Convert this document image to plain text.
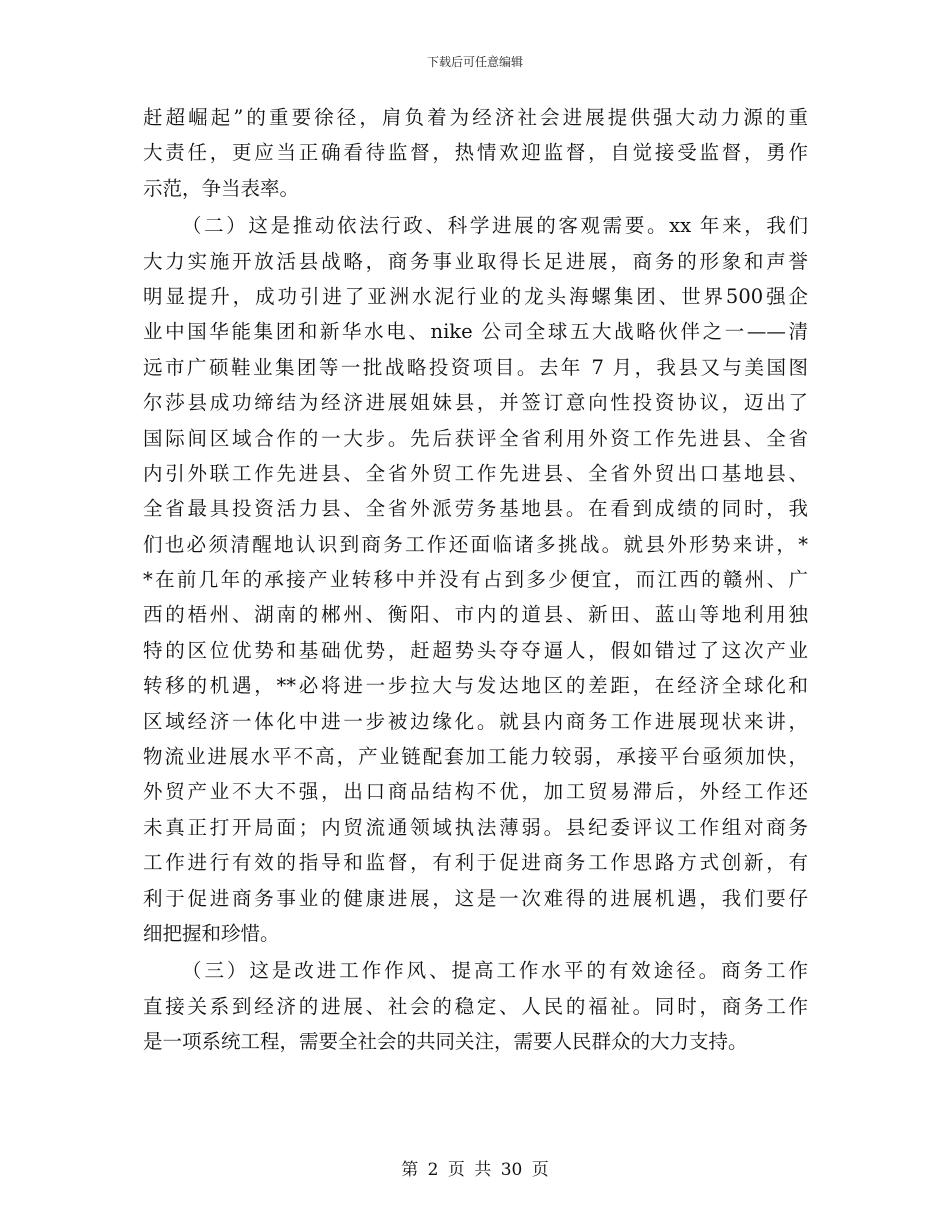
下载后可任意编辑
赶超崛起”的重要徐径，肩负着为经济社会进展提供强大动力源的重
大责任，更应当正确看待监督，热情欢迎监督，自觉接受监督，勇作
示范，争当表率。
（二）这是推动依法行政、科学进展的客观需要。xx 年来，我们
大力实施开放活县战略，商务事业取得长足进展，商务的形象和声誉
明显提升，成功引进了亚洲水泥行业的龙头海螺集团、世界500强企
业中国华能集团和新华水电、nike 公司全球五大战略伙伴之一——清
远市广硕鞋业集团等一批战略投资项目。去年 7 月，我县又与美国图
尔莎县成功缔结为经济进展姐妹县，并签订意向性投资协议，迈出了
国际间区域合作的一大步。先后获评全省利用外资工作先进县、全省
内引外联工作先进县、全省外贸工作先进县、全省外贸出口基地县、
全省最具投资活力县、全省外派劳务基地县。在看到成绩的同时，我
们也必须清醒地认识到商务工作还面临诸多挑战。就县外形势来讲，*
*在前几年的承接产业转移中并没有占到多少便宜，而江西的赣州、广
西的梧州、湖南的郴州、衡阳、市内的道县、新田、蓝山等地利用独
特的区位优势和基础优势，赶超势头夺夺逼人，假如错过了这次产业
转移的机遇，**必将进一步拉大与发达地区的差距，在经济全球化和
区域经济一体化中进一步被边缘化。就县内商务工作进展现状来讲，
物流业进展水平不高，产业链配套加工能力较弱，承接平台亟须加快，
外贸产业不大不强，出口商品结构不优，加工贸易滞后，外经工作还
未真正打开局面；内贸流通领域执法薄弱。县纪委评议工作组对商务
工作进行有效的指导和监督，有利于促进商务工作思路方式创新，有
利于促进商务事业的健康进展，这是一次难得的进展机遇，我们要仔
细把握和珍惜。
（三）这是改进工作作风、提高工作水平的有效途径。商务工作
直接关系到经济的进展、社会的稳定、人民的福祉。同时，商务工作
是一项系统工程，需要全社会的共同关注，需要人民群众的大力支持。
第 2 页 共 30 页
